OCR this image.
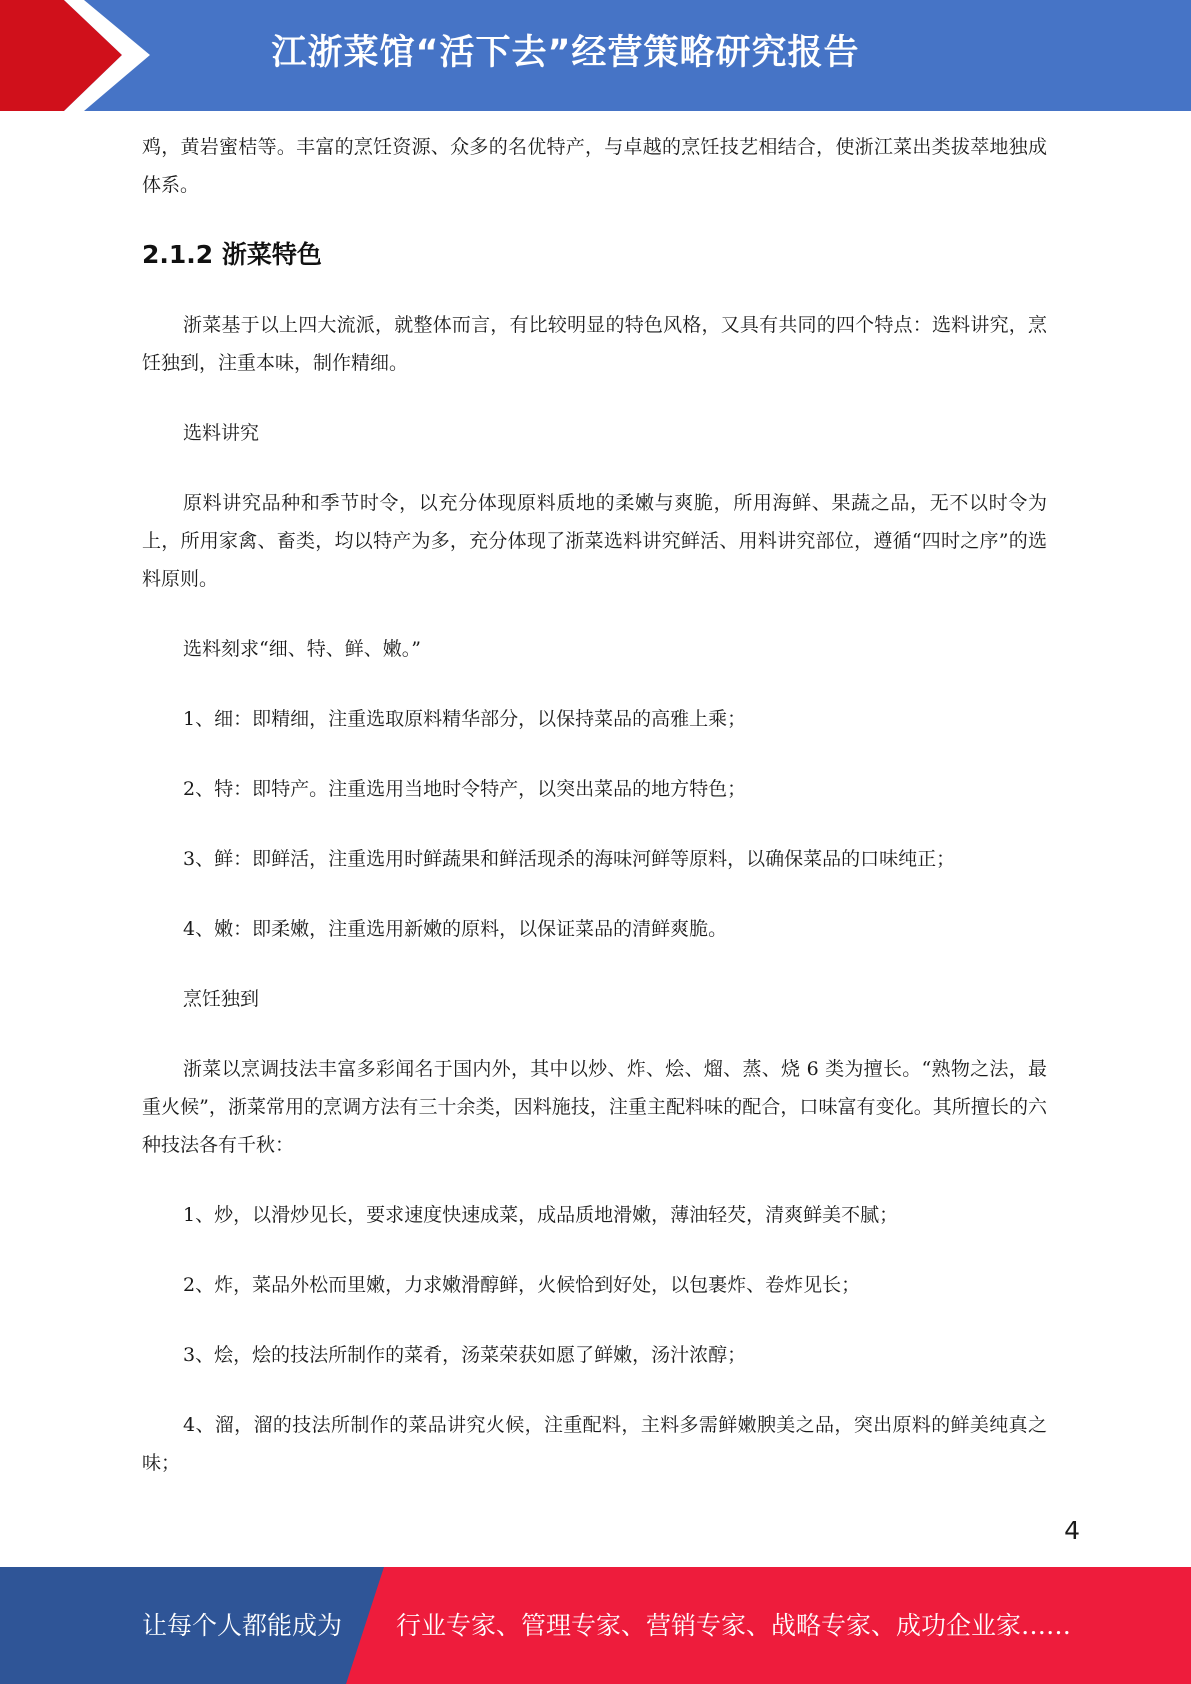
江浙菜馆“活下去”经营策略研究报告

鸡，黄岩蜜桔等。丰富的烹饪资源、众多的名优特产，与卓越的烹饪技艺相结合，使浙江菜出类拔萃地独成体系。

2.1.2 浙菜特色

浙菜基于以上四大流派，就整体而言，有比较明显的特色风格，又具有共同的四个特点：选料讲究，烹饪独到，注重本味，制作精细。

选料讲究

原料讲究品种和季节时令，以充分体现原料质地的柔嫩与爽脆，所用海鲜、果蔬之品，无不以时令为上，所用家禽、畜类，均以特产为多，充分体现了浙菜选料讲究鲜活、用料讲究部位，遵循“四时之序”的选料原则。

选料刻求“细、特、鲜、嫩。”

1、细：即精细，注重选取原料精华部分，以保持菜品的高雅上乘；

2、特：即特产。注重选用当地时令特产，以突出菜品的地方特色；

3、鲜：即鲜活，注重选用时鲜蔬果和鲜活现杀的海味河鲜等原料，以确保菜品的口味纯正；

4、嫩：即柔嫩，注重选用新嫩的原料，以保证菜品的清鲜爽脆。

烹饪独到

浙菜以烹调技法丰富多彩闻名于国内外，其中以炒、炸、烩、熘、蒸、烧 6 类为擅长。“熟物之法，最重火候”，浙菜常用的烹调方法有三十余类，因料施技，注重主配料味的配合，口味富有变化。其所擅长的六种技法各有千秋：

1、炒，以滑炒见长，要求速度快速成菜，成品质地滑嫩，薄油轻芡，清爽鲜美不腻；

2、炸，菜品外松而里嫩，力求嫩滑醇鲜，火候恰到好处，以包裹炸、卷炸见长；

3、烩，烩的技法所制作的菜肴，汤菜荣获如愿了鲜嫩，汤汁浓醇；

4、溜，溜的技法所制作的菜品讲究火候，注重配料，主料多需鲜嫩腴美之品，突出原料的鲜美纯真之味；

4
让每个人都能成为 行业专家、管理专家、营销专家、战略专家、成功企业家……
